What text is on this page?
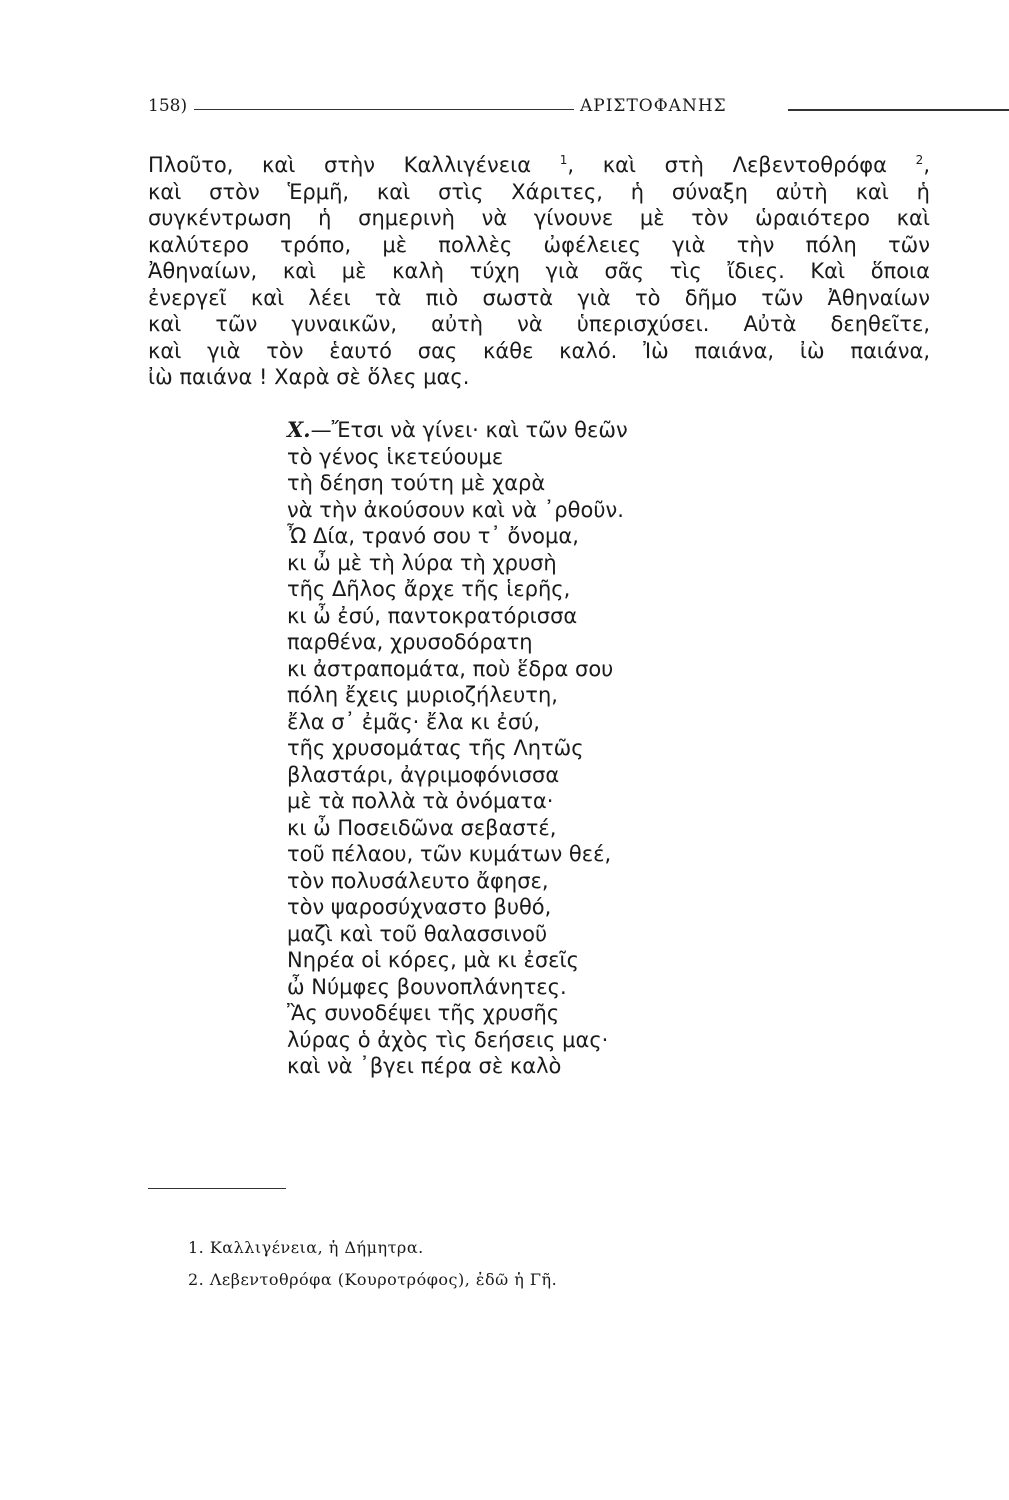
158)	ΑΡΙΣΤΟΦΑΝΗΣ
Πλοῦτο, καὶ στὴν Καλλιγένεια $^1$, καὶ στὴ Λεβεντοθρόφα $^2$,
καὶ στὸν Ἑρμῆ, καὶ στὶς Χάριτες, ἡ σύναξη αὐτὴ καὶ ἡ
συγκέντρωση ἡ σημερινὴ νὰ γίνουνε μὲ τὸν ὡραιότερο καὶ
καλύτερο τρόπο, μὲ πολλὲς ὠφέλειες γιὰ τὴν πόλη τῶν
Ἀθηναίων, καὶ μὲ καλὴ τύχη γιὰ σᾶς τὶς ἴδιες. Καὶ ὅποια
ἐνεργεῖ καὶ λέει τὰ πιὸ σωστὰ γιὰ τὸ δῆμο τῶν Ἀθηναίων
καὶ τῶν γυναικῶν, αὐτὴ νὰ ὑπερισχύσει. Αὐτὰ δεηθεῖτε,
καὶ γιὰ τὸν ἑαυτό σας κάθε καλό. Ἰὼ παιάνα, ἰὼ παιάνα,
ἰὼ παιάνα ! Χαρὰ σὲ ὅλες μας.
Χ.—Ἔτσι νὰ γίνει· καὶ τῶν θεῶν
τὸ γένος ἱκετεύουμε
τὴ δέηση τούτη μὲ χαρὰ
νὰ τὴν ἀκούσουν καὶ νὰ ᾽ρθοῦν.
Ὦ Δία, τρανό σου τ᾽ ὄνομα,
κι ὦ μὲ τὴ λύρα τὴ χρυσὴ
τῆς Δῆλος ἄρχε τῆς ἱερῆς,
κι ὦ ἐσύ, παντοκρατόρισσα
παρθένα, χρυσοδόρατη
κι ἀστραπομάτα, ποὺ ἕδρα σου
πόλη ἔχεις μυριοζήλευτη,
ἔλα σ᾽ ἐμᾶς· ἔλα κι ἐσύ,
τῆς χρυσομάτας τῆς Λητῶς
βλαστάρι, ἀγριμοφόνισσα
μὲ τὰ πολλὰ τὰ ὀνόματα·
κι ὦ Ποσειδῶνα σεβαστέ,
τοῦ πέλαου, τῶν κυμάτων θεέ,
τὸν πολυσάλευτο ἄφησε,
τὸν ψαροσύχναστο βυθό,
μαζὶ καὶ τοῦ θαλασσινοῦ
Νηρέα οἱ κόρες, μὰ κι ἐσεῖς
ὦ Νύμφες βουνοπλάνητες.
Ἂς συνοδέψει τῆς χρυσῆς
λύρας ὁ ἀχὸς τὶς δεήσεις μας·
καὶ νὰ ᾽βγει πέρα σὲ καλὸ
1. Καλλιγένεια, ἡ Δήμητρα.
2. Λεβεντοθρόφα (Κουροτρόφος), ἐδῶ ἡ Γῆ.
